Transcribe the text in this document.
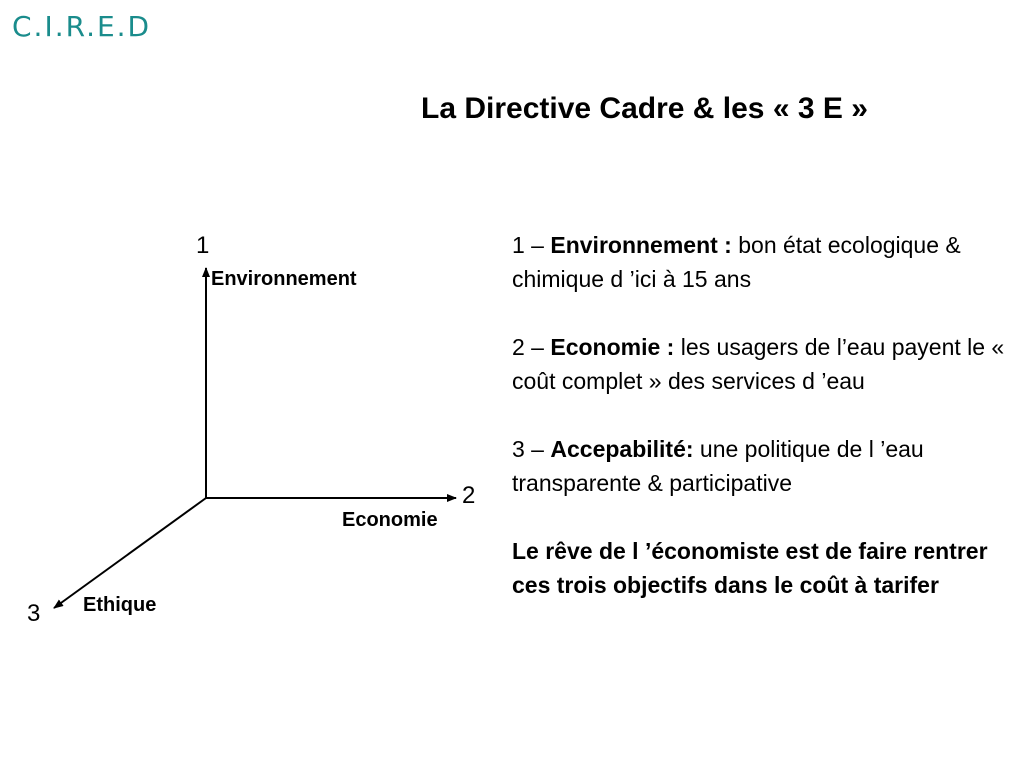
C.I.R.E.D
La Directive Cadre & les « 3 E »
1
Environnement
2
Economie
3 Ethique

1 – Environnement : bon état ecologique & chimique d ’ici à 15 ans

2 – Economie : les usagers de l’eau payent le « coût complet » des services d ’eau

3 – Accepabilité: une politique de l ’eau transparente & participative

Le rêve de l ’économiste est de faire rentrer ces trois objectifs dans le coût à tarifer
